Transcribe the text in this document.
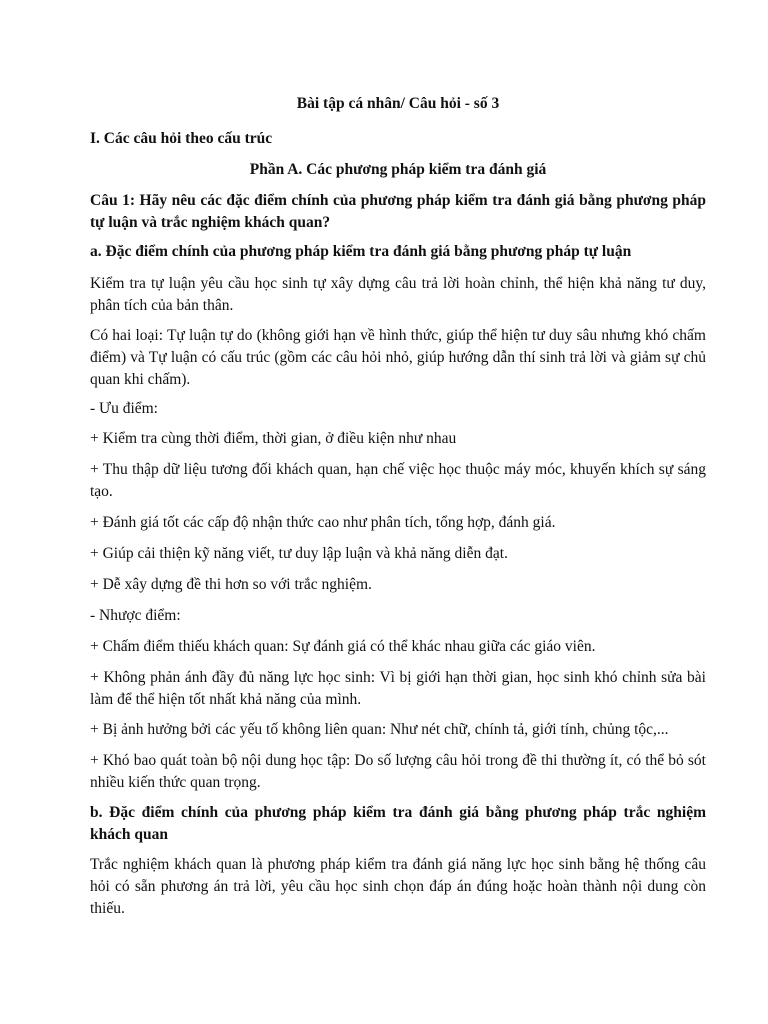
Bài tập cá nhân/ Câu hỏi - số 3

I. Các câu hỏi theo cấu trúc

Phần A. Các phương pháp kiểm tra đánh giá

Câu 1: Hãy nêu các đặc điểm chính của phương pháp kiểm tra đánh giá bằng phương pháp tự luận và trắc nghiệm khách quan?

a. Đặc điểm chính của phương pháp kiểm tra đánh giá bằng phương pháp tự luận

Kiểm tra tự luận yêu cầu học sinh tự xây dựng câu trả lời hoàn chỉnh, thể hiện khả năng tư duy, phân tích của bản thân.

Có hai loại: Tự luận tự do (không giới hạn về hình thức, giúp thể hiện tư duy sâu nhưng khó chấm điểm) và Tự luận có cấu trúc (gồm các câu hỏi nhỏ, giúp hướng dẫn thí sinh trả lời và giảm sự chủ quan khi chấm).

- Ưu điểm:

+ Kiểm tra cùng thời điểm, thời gian, ở điều kiện như nhau

+ Thu thập dữ liệu tương đối khách quan, hạn chế việc học thuộc máy móc, khuyến khích sự sáng tạo.

+ Đánh giá tốt các cấp độ nhận thức cao như phân tích, tổng hợp, đánh giá.

+ Giúp cải thiện kỹ năng viết, tư duy lập luận và khả năng diễn đạt.

+ Dễ xây dựng đề thi hơn so với trắc nghiệm.

- Nhược điểm:

+ Chấm điểm thiếu khách quan: Sự đánh giá có thể khác nhau giữa các giáo viên.

+ Không phản ánh đầy đủ năng lực học sinh: Vì bị giới hạn thời gian, học sinh khó chỉnh sửa bài làm để thể hiện tốt nhất khả năng của mình.

+ Bị ảnh hưởng bởi các yếu tố không liên quan: Như nét chữ, chính tả, giới tính, chủng tộc,...

+ Khó bao quát toàn bộ nội dung học tập: Do số lượng câu hỏi trong đề thi thường ít, có thể bỏ sót nhiều kiến thức quan trọng.

b. Đặc điểm chính của phương pháp kiểm tra đánh giá bằng phương pháp trắc nghiệm khách quan

Trắc nghiệm khách quan là phương pháp kiểm tra đánh giá năng lực học sinh bằng hệ thống câu hỏi có sẵn phương án trả lời, yêu cầu học sinh chọn đáp án đúng hoặc hoàn thành nội dung còn thiếu.
